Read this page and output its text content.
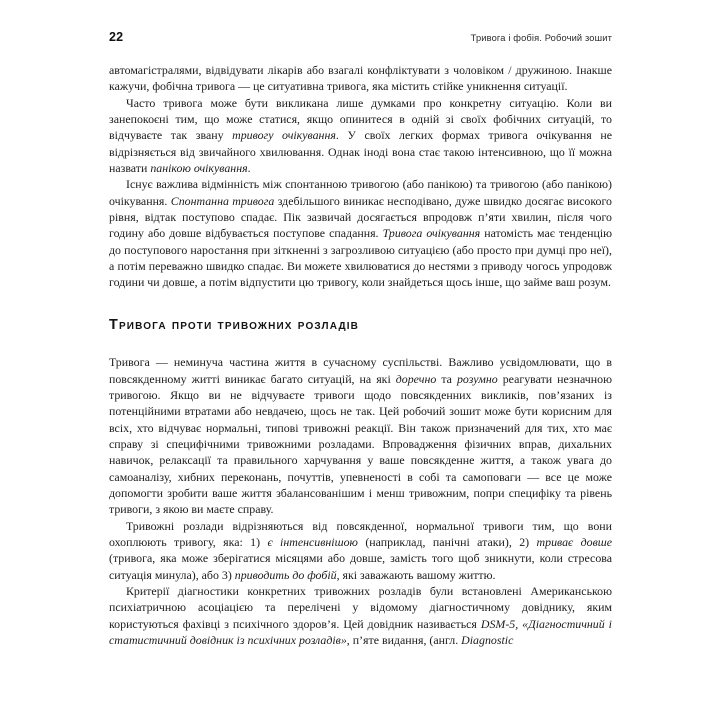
22	Тривога і фобія. Робочий зошит

автомагістралями, відвідувати лікарів або взагалі конфліктувати з чоловіком / дружиною. Інакше кажучи, фобічна тривога — це ситуативна тривога, яка містить стійке уникнення ситуації.

Часто тривога може бути викликана лише думками про конкретну ситуацію. Коли ви занепокоєні тим, що може статися, якщо опинитеся в одній зі своїх фобічних ситуацій, то відчуваєте так звану тривогу очікування. У своїх легких формах тривога очікування не відрізняється від звичайного хвилювання. Однак іноді вона стає такою інтенсивною, що її можна назвати панікою очікування.

Існує важлива відмінність між спонтанною тривогою (або панікою) та тривогою (або панікою) очікування. Спонтанна тривога здебільшого виникає несподівано, дуже швидко досягає високого рівня, відтак поступово спадає. Пік зазвичай досягається впродовж п’яти хвилин, після чого годину або довше відбувається поступове спадання. Тривога очікування натомість має тенденцію до поступового наростання при зіткненні з загрозливою ситуацією (або просто при думці про неї), а потім переважно швидко спадає. Ви можете хвилюватися до нестями з приводу чогось упродовж години чи довше, а потім відпустити цю тривогу, коли знайдеться щось інше, що займе ваш розум.

Тривога проти тривожних розладів

Тривога — неминуча частина життя в сучасному суспільстві. Важливо усвідомлювати, що в повсякденному житті виникає багато ситуацій, на які доречно та розумно реагувати незначною тривогою. Якщо ви не відчуваєте тривоги щодо повсякденних викликів, пов’язаних із потенційними втратами або невдачею, щось не так. Цей робочий зошит може бути корисним для всіх, хто відчуває нормальні, типові тривожні реакції. Він також призначений для тих, хто має справу зі специфічними тривожними розладами. Впровадження фізичних вправ, дихальних навичок, релаксації та правильного харчування у ваше повсякденне життя, а також увага до самоаналізу, хибних переконань, почуттів, упевненості в собі та самоповаги — все це може допомогти зробити ваше життя збалансованішим і менш тривожним, попри специфіку та рівень тривоги, з якою ви маєте справу.

Тривожні розлади відрізняються від повсякденної, нормальної тривоги тим, що вони охоплюють тривогу, яка: 1) є інтенсивнішою (наприклад, панічні атаки), 2) триває довше (тривога, яка може зберігатися місяцями або довше, замість того щоб зникнути, коли стресова ситуація минула), або 3) приводить до фобій, які заважають вашому життю.

Критерії діагностики конкретних тривожних розладів були встановлені Американською психіатричною асоціацією та перелічені у відомому діагностичному довіднику, яким користуються фахівці з психічного здоров’я. Цей довідник називається DSM-5, «Діагностичний і статистичний довідник із психічних розладів», п’яте видання, (англ. Diagnostic
